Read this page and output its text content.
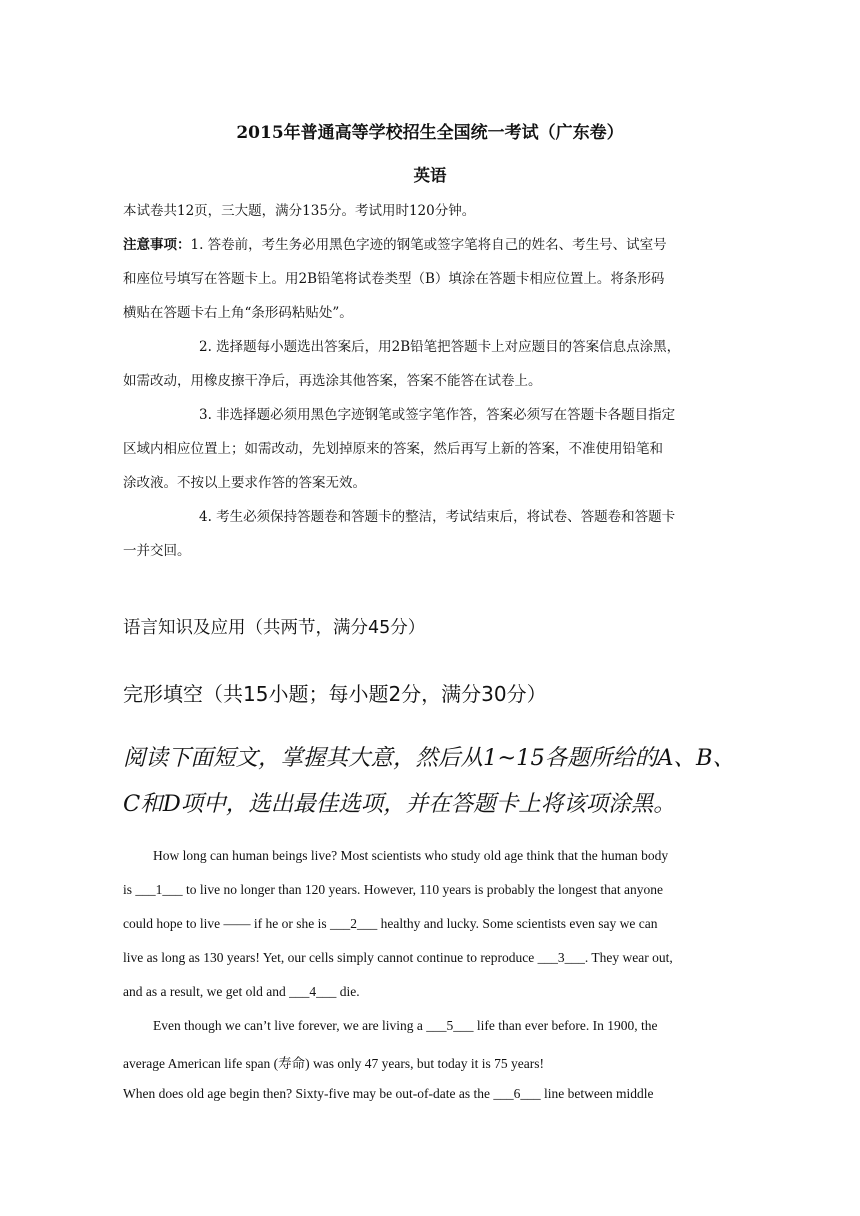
2015年普通高等学校招生全国统一考试（广东卷）
英语
本试卷共12页，三大题，满分135分。考试用时120分钟。
注意事项：1. 答卷前，考生务必用黑色字迹的钢笔或签字笔将自己的姓名、考生号、试室号
和座位号填写在答题卡上。用2B铅笔将试卷类型（B）填涂在答题卡相应位置上。将条形码
横贴在答题卡右上角“条形码粘贴处”。
2. 选择题每小题选出答案后，用2B铅笔把答题卡上对应题目的答案信息点涂黑，
如需改动，用橡皮擦干净后，再选涂其他答案，答案不能答在试卷上。
3. 非选择题必须用黑色字迹钢笔或签字笔作答，答案必须写在答题卡各题目指定
区域内相应位置上；如需改动，先划掉原来的答案，然后再写上新的答案，不准使用铅笔和
涂改液。不按以上要求作答的答案无效。
4. 考生必须保持答题卷和答题卡的整洁，考试结束后，将试卷、答题卷和答题卡
一并交回。
语言知识及应用（共两节，满分45分）
完形填空（共15小题；每小题2分，满分30分）
阅读下面短文，掌握其大意，然后从1~15各题所给的A、B、
C和D项中，选出最佳选项，并在答题卡上将该项涂黑。
How long can human beings live? Most scientists who study old age think that the human body
is ___1___ to live no longer than 120 years. However, 110 years is probably the longest that anyone
could hope to live —— if he or she is ___2___ healthy and lucky. Some scientists even say we can
live as long as 130 years! Yet, our cells simply cannot continue to reproduce ___3___. They wear out,
and as a result, we get old and ___4___ die.
Even though we can’t live forever, we are living a ___5___ life than ever before. In 1900, the
average American life span (寿命) was only 47 years, but today it is 75 years!
When does old age begin then? Sixty-five may be out-of-date as the ___6___ line between middle
